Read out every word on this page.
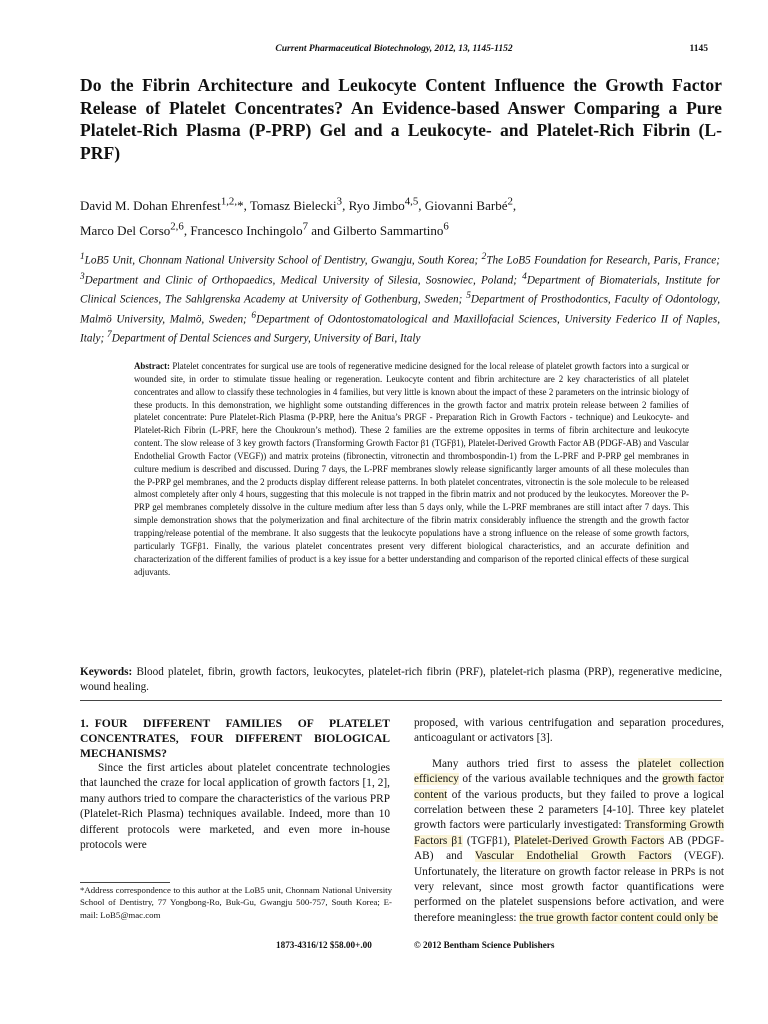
Current Pharmaceutical Biotechnology, 2012, 13, 1145-1152	1145
Do the Fibrin Architecture and Leukocyte Content Influence the Growth Factor Release of Platelet Concentrates? An Evidence-based Answer Comparing a Pure Platelet-Rich Plasma (P-PRP) Gel and a Leukocyte- and Platelet-Rich Fibrin (L-PRF)
David M. Dohan Ehrenfest$^{1,2,}$*, Tomasz Bielecki$^3$, Ryo Jimbo$^{4,5}$, Giovanni Barbé$^2$,
Marco Del Corso$^{2,6}$, Francesco Inchingolo$^7$ and Gilberto Sammartino$^6$
$^1$LoB5 Unit, Chonnam National University School of Dentistry, Gwangju, South Korea; $^2$The LoB5 Foundation for Research, Paris, France; $^3$Department and Clinic of Orthopaedics, Medical University of Silesia, Sosnowiec, Poland; $^4$Department of Biomaterials, Institute for Clinical Sciences, The Sahlgrenska Academy at University of Gothenburg, Sweden; $^5$Department of Prosthodontics, Faculty of Odontology, Malmö University, Malmö, Sweden; $^6$Department of Odontostomatological and Maxillofacial Sciences, University Federico II of Naples, Italy; $^7$Department of Dental Sciences and Surgery, University of Bari, Italy
Abstract: Platelet concentrates for surgical use are tools of regenerative medicine designed for the local release of platelet growth factors into a surgical or wounded site, in order to stimulate tissue healing or regeneration. Leukocyte content and fibrin architecture are 2 key characteristics of all platelet concentrates and allow to classify these technologies in 4 families, but very little is known about the impact of these 2 parameters on the intrinsic biology of these products. In this demonstration, we highlight some outstanding differences in the growth factor and matrix protein release between 2 families of platelet concentrate: Pure Platelet-Rich Plasma (P-PRP, here the Anitua’s PRGF - Preparation Rich in Growth Factors - technique) and Leukocyte- and Platelet-Rich Fibrin (L-PRF, here the Choukroun’s method). These 2 families are the extreme opposites in terms of fibrin architecture and leukocyte content. The slow release of 3 key growth factors (Transforming Growth Factor β1 (TGFβ1), Platelet-Derived Growth Factor AB (PDGF-AB) and Vascular Endothelial Growth Factor (VEGF)) and matrix proteins (fibronectin, vitronectin and thrombospondin-1) from the L-PRF and P-PRP gel membranes in culture medium is described and discussed. During 7 days, the L-PRF membranes slowly release significantly larger amounts of all these molecules than the P-PRP gel membranes, and the 2 products display different release patterns. In both platelet concentrates, vitronectin is the sole molecule to be released almost completely after only 4 hours, suggesting that this molecule is not trapped in the fibrin matrix and not produced by the leukocytes. Moreover the P-PRP gel membranes completely dissolve in the culture medium after less than 5 days only, while the L-PRF membranes are still intact after 7 days. This simple demonstration shows that the polymerization and final architecture of the fibrin matrix considerably influence the strength and the growth factor trapping/release potential of the membrane. It also suggests that the leukocyte populations have a strong influence on the release of some growth factors, particularly TGFβ1. Finally, the various platelet concentrates present very different biological characteristics, and an accurate definition and characterization of the different families of product is a key issue for a better understanding and comparison of the reported clinical effects of these surgical adjuvants.
Keywords: Blood platelet, fibrin, growth factors, leukocytes, platelet-rich fibrin (PRF), platelet-rich plasma (PRP), regenerative medicine, wound healing.

1. FOUR DIFFERENT FAMILIES OF PLATELET CONCENTRATES, FOUR DIFFERENT BIOLOGICAL MECHANISMS?

Since the first articles about platelet concentrate technologies that launched the craze for local application of growth factors [1, 2], many authors tried to compare the characteristics of the various PRP (Platelet-Rich Plasma) techniques available. Indeed, more than 10 different protocols were marketed, and even more in-house protocols were

proposed, with various centrifugation and separation procedures, anticoagulant or activators [3].

Many authors tried first to assess the platelet collection efficiency of the various available techniques and the growth factor content of the various products, but they failed to prove a logical correlation between these 2 parameters [4-10]. Three key platelet growth factors were particularly investigated: Transforming Growth Factors β1 (TGFβ1), Platelet-Derived Growth Factors AB (PDGF-AB) and Vascular Endothelial Growth Factors (VEGF). Unfortunately, the literature on growth factor release in PRPs is not very relevant, since most growth factor quantifications were performed on the platelet suspensions before activation, and were therefore meaningless: the true growth factor content could only be

*Address correspondence to this author at the LoB5 unit, Chonnam National University School of Dentistry, 77 Yongbong-Ro, Buk-Gu, Gwangju 500-757, South Korea; E-mail: LoB5@mac.com
1873-4316/12 $58.00+.00	© 2012 Bentham Science Publishers
